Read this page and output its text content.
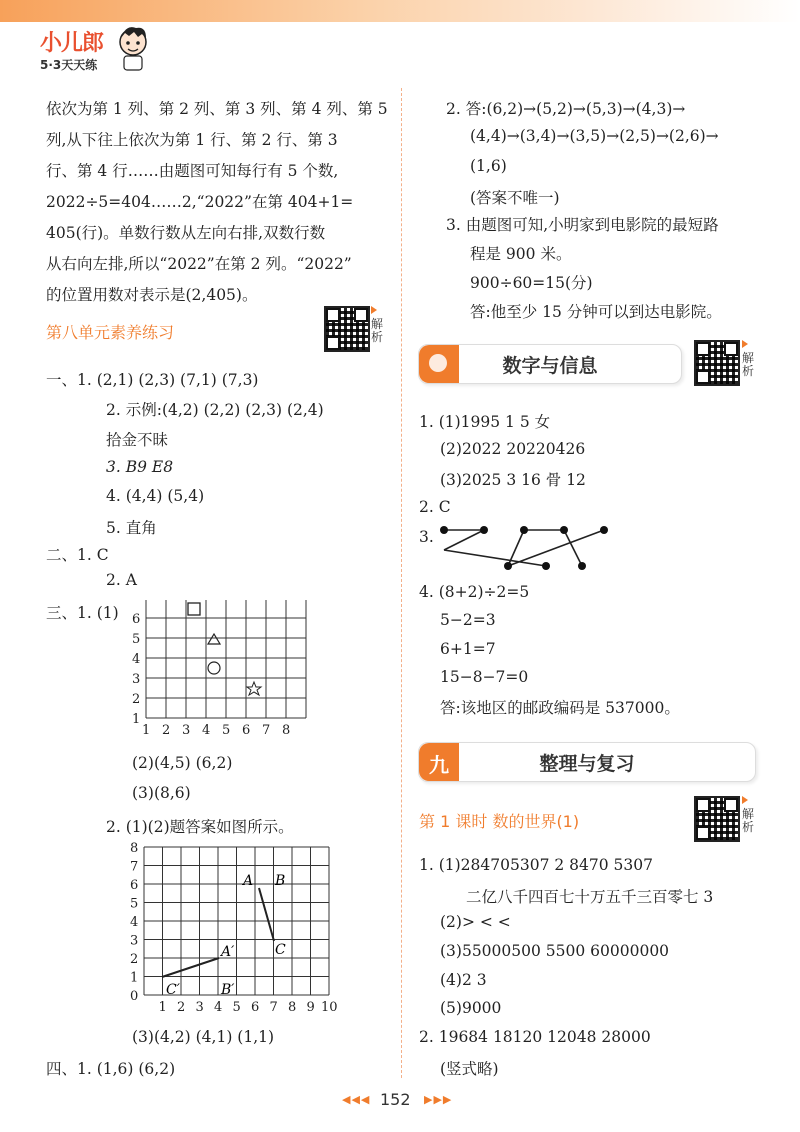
小儿郎
5·3天天练
依次为第 1 列、第 2 列、第 3 列、第 4 列、第 5
列,从下往上依次为第 1 行、第 2 行、第 3
行、第 4 行……由题图可知每行有 5 个数,
2022÷5=404……2,“2022”在第 404+1=
405(行)。单数行数从左向右排,双数行数
从右向左排,所以“2022”在第 2 列。“2022”
的位置用数对表示是(2,405)。
第八单元素养练习	解析
一、1. (2,1) (2,3) (7,1) (7,3)
2. 示例:(4,2) (2,2) (2,3) (2,4)
拾金不昧
3. B9 E8
4. (4,4) (5,4)
5. 直角
二、1. C
2. A
三、1. (1)
1
2
3
4
5
6
1 2 3 4 5 6 7 8
(2)(4,5) (6,2)
(3)(8,6)
2. (1)(2)题答案如图所示。
0
1
2
3
4
5
6
7
8
1 2 3 4 5 6 7 8 9 10
A B
C
A′
B′
C′
(3)(4,2) (4,1) (1,1)
四、1. (1,6) (6,2)
2. 答:(6,2)→(5,2)→(5,3)→(4,3)→
(4,4)→(3,4)→(3,5)→(2,5)→(2,6)→
(1,6)
(答案不唯一)
3. 由题图可知,小明家到电影院的最短路
程是 900 米。
900÷60=15(分)
答:他至少 15 分钟可以到达电影院。
数字与信息	解析
1. (1)1995 1 5 女
(2)2022 20220426
(3)2025 3 16 骨 12
2. C
3.
4. (8+2)÷2=5
5−2=3
6+1=7
15−8−7=0
答:该地区的邮政编码是 537000。
九	整理与复习
第 1 课时 数的世界(1)	解析
1. (1)284705307 2 8470 5307
二亿八千四百七十万五千三百零七 3
(2)> < <
(3)55000500 5500 60000000
(4)2 3
(5)9000
2. 19684 18120 12048 28000
(竖式略)
◀◀◀ 152 ▶▶▶
